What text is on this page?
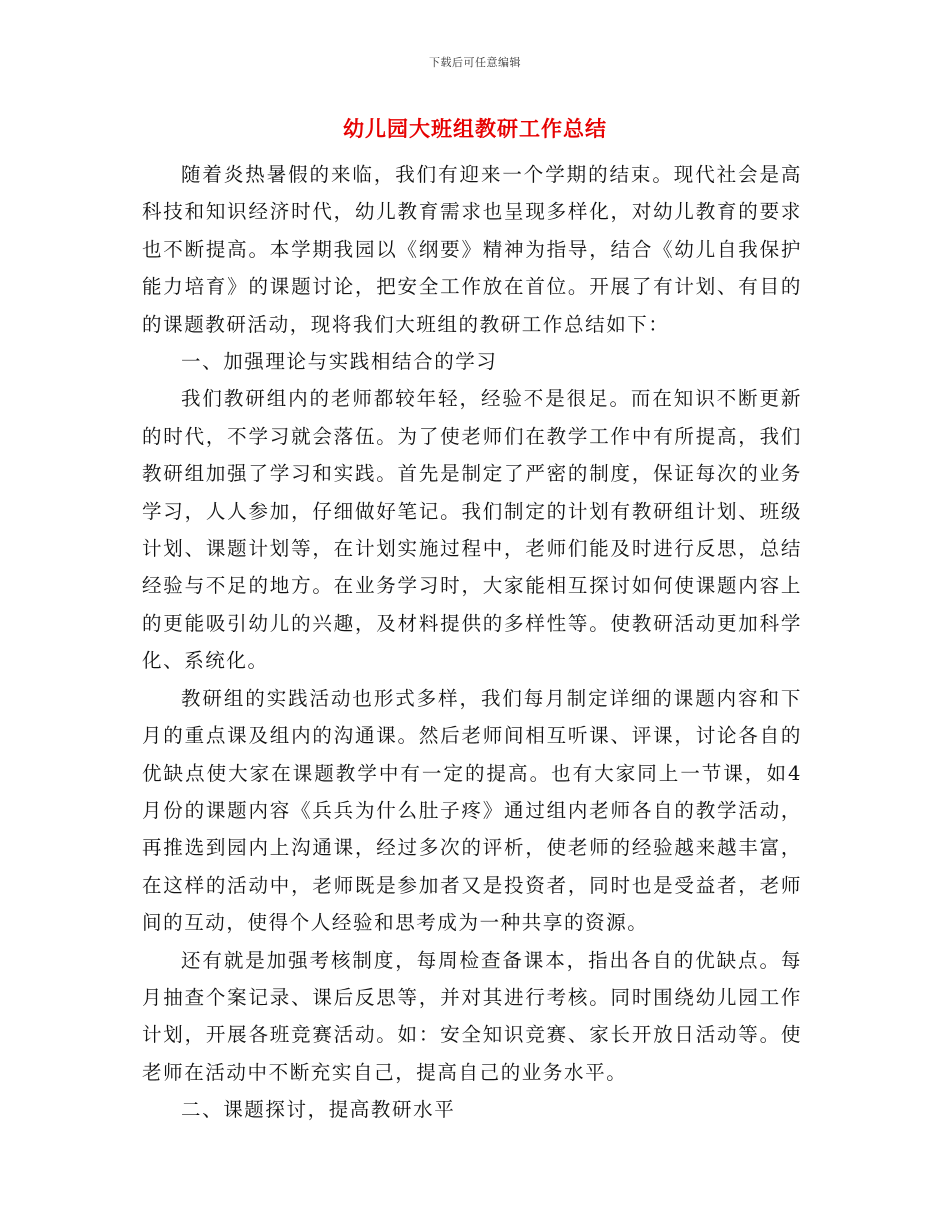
下载后可任意编辑
幼儿园大班组教研工作总结

随着炎热暑假的来临，我们有迎来一个学期的结束。现代社会是高科技和知识经济时代，幼儿教育需求也呈现多样化，对幼儿教育的要求也不断提高。本学期我园以《纲要》精神为指导，结合《幼儿自我保护能力培育》的课题讨论，把安全工作放在首位。开展了有计划、有目的的课题教研活动，现将我们大班组的教研工作总结如下：

一、加强理论与实践相结合的学习

我们教研组内的老师都较年轻，经验不是很足。而在知识不断更新的时代，不学习就会落伍。为了使老师们在教学工作中有所提高，我们教研组加强了学习和实践。首先是制定了严密的制度，保证每次的业务学习，人人参加，仔细做好笔记。我们制定的计划有教研组计划、班级计划、课题计划等，在计划实施过程中，老师们能及时进行反思，总结经验与不足的地方。在业务学习时，大家能相互探讨如何使课题内容上的更能吸引幼儿的兴趣，及材料提供的多样性等。使教研活动更加科学化、系统化。

教研组的实践活动也形式多样，我们每月制定详细的课题内容和下月的重点课及组内的沟通课。然后老师间相互听课、评课，讨论各自的优缺点使大家在课题教学中有一定的提高。也有大家同上一节课，如4月份的课题内容《兵兵为什么肚子疼》通过组内老师各自的教学活动，再推选到园内上沟通课，经过多次的评析，使老师的经验越来越丰富，在这样的活动中，老师既是参加者又是投资者，同时也是受益者，老师间的互动，使得个人经验和思考成为一种共享的资源。

还有就是加强考核制度，每周检查备课本，指出各自的优缺点。每月抽查个案记录、课后反思等，并对其进行考核。同时围绕幼儿园工作计划，开展各班竞赛活动。如：安全知识竞赛、家长开放日活动等。使老师在活动中不断充实自己，提高自己的业务水平。

二、课题探讨，提高教研水平
